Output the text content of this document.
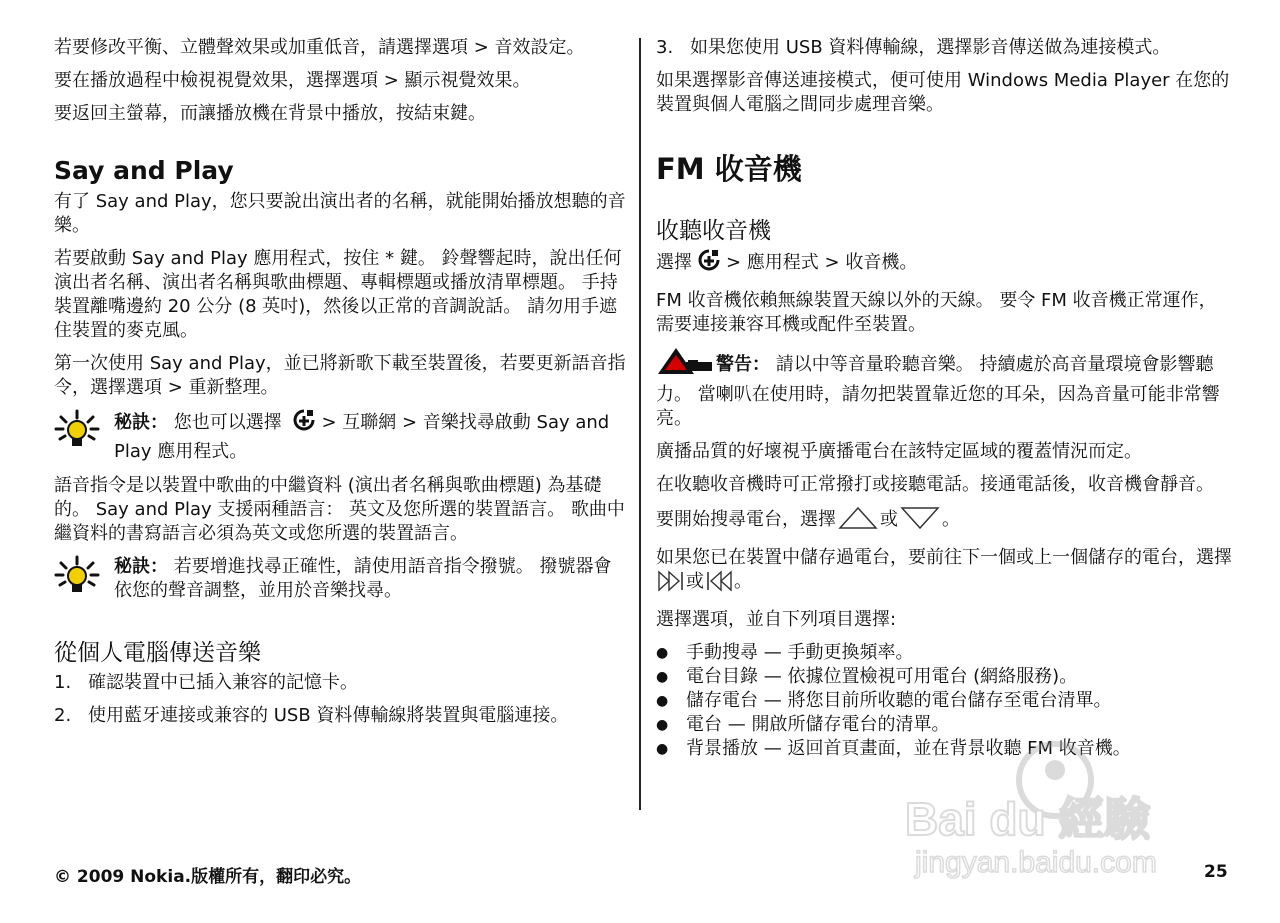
若要修改平衡、立體聲效果或加重低音，請選擇選項 > 音效設定。

要在播放過程中檢視視覺效果，選擇選項 > 顯示視覺效果。

要返回主螢幕，而讓播放機在背景中播放，按結束鍵。

Say and Play

有了 Say and Play，您只要說出演出者的名稱，就能開始播放想聽的音樂。

若要啟動 Say and Play 應用程式，按住 * 鍵。 鈴聲響起時，說出任何演出者名稱、演出者名稱與歌曲標題、專輯標題或播放清單標題。 手持裝置離嘴邊約 20 公分 (8 英吋)，然後以正常的音調說話。 請勿用手遮住裝置的麥克風。

第一次使用 Say and Play，並已將新歌下載至裝置後，若要更新語音指令，選擇選項 > 重新整理。

秘訣： 您也可以選擇 > 互聯網 > 音樂找尋啟動 Say and Play 應用程式。

語音指令是以裝置中歌曲的中繼資料 (演出者名稱與歌曲標題) 為基礎的。 Say and Play 支援兩種語言： 英文及您所選的裝置語言。 歌曲中繼資料的書寫語言必須為英文或您所選的裝置語言。

秘訣： 若要增進找尋正確性，請使用語音指令撥號。 撥號器會依您的聲音調整，並用於音樂找尋。
從個人電腦傳送音樂
1. 確認裝置中已插入兼容的記憶卡。
2. 使用藍牙連接或兼容的 USB 資料傳輸線將裝置與電腦連接。
3. 如果您使用 USB 資料傳輸線，選擇影音傳送做為連接模式。

如果選擇影音傳送連接模式，便可使用 Windows Media Player 在您的裝置與個人電腦之間同步處理音樂。

FM 收音機
收聽收音機

選擇 > 應用程式 > 收音機。

FM 收音機依賴無線裝置天線以外的天線。 要令 FM 收音機正常運作，需要連接兼容耳機或配件至裝置。

警告： 請以中等音量聆聽音樂。 持續處於高音量環境會影響聽力。 當喇叭在使用時，請勿把裝置靠近您的耳朵，因為音量可能非常響亮。

廣播品質的好壞視乎廣播電台在該特定區域的覆蓋情況而定。

在收聽收音機時可正常撥打或接聽電話。接通電話後，收音機會靜音。

要開始搜尋電台，選擇 或 。

如果您已在裝置中儲存過電台，要前往下一個或上一個儲存的電台，選擇或 。

選擇選項，並自下列項目選擇:

● 手動搜尋 — 手動更換頻率。
● 電台目錄 — 依據位置檢視可用電台 (網絡服務)。
● 儲存電台 — 將您目前所收聽的電台儲存至電台清單。
● 電台 — 開啟所儲存電台的清單。
● 背景播放 — 返回首頁畫面，並在背景收聽 FM 收音機。
Bai du 經驗
jingyan.baidu.com
© 2009 Nokia.版權所有，翻印必究。	25
